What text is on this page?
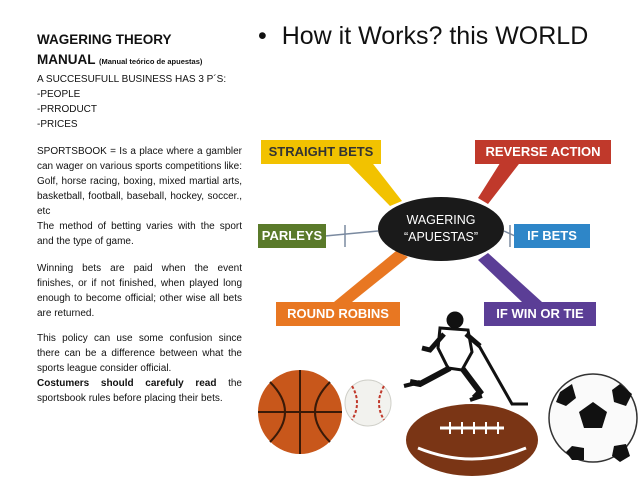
WAGERING THEORY
MANUAL (Manual teórico de apuestas)

A SUCCESUFULL BUSINESS HAS 3 P´S:

-PEOPLE

-PRRODUCT

-PRICES

SPORTSBOOK = Is a place where a gambler can wager on various sports competitions like: Golf, horse racing, boxing, mixed martial arts, basketball, football, baseball, hockey, soccer., etc

The method of betting varies with the sport and the type of game.

Winning bets are paid when the event finishes, or if not finished, when played long enough to become official; other wise all bets are returned.

This policy can use some confusion since there can be a difference between what the sports league consider official.

Costumers should carefuly read the sportsbook rules before placing their bets.

• How it Works? this WORLD
STRAIGHT BETS	REVERSE ACTION
PARLEYS	IF BETS
ROUND ROBINS	IF WIN OR TIE
WAGERING
“APUESTAS”
